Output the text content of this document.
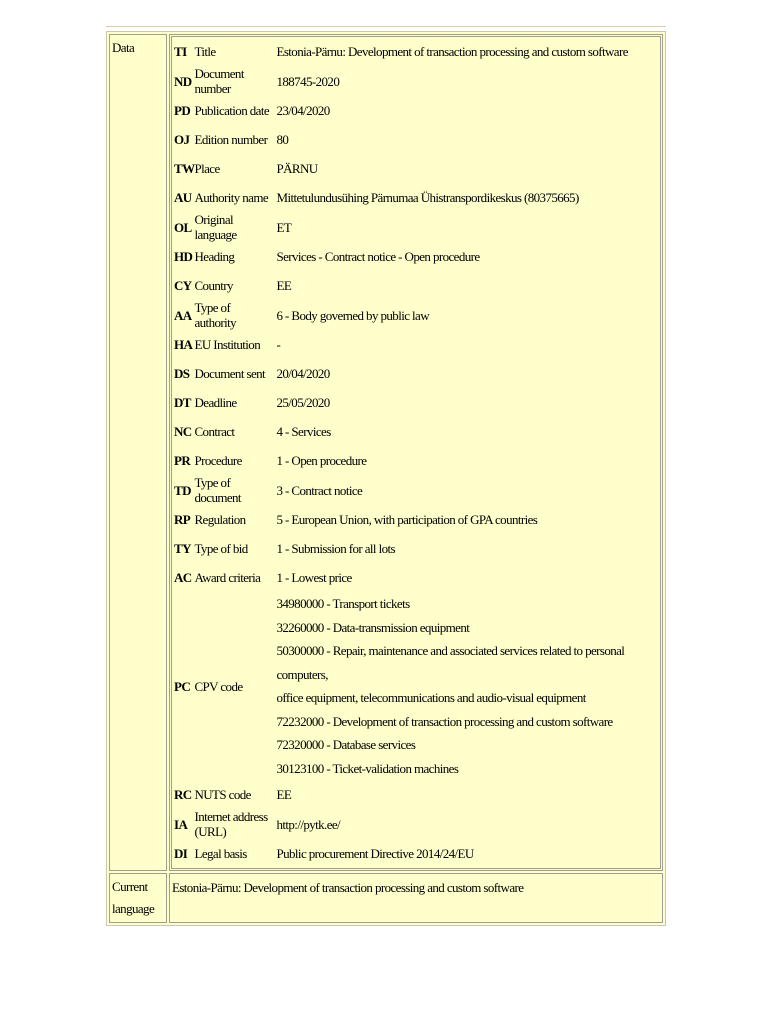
Data		TI	Title	Estonia-Pärnu: Development of transaction processing and custom software
ND	Document number	188745-2020
PD	Publication date	23/04/2020
OJ	Edition number	80
TW	Place	PÄRNU
AU	Authority name	Mittetulundusühing Pärnumaa Ühistranspordikeskus (80375665)
OL	Original language	ET
HD	Heading	Services - Contract notice - Open procedure
CY	Country	EE
AA	Type of authority	6 - Body governed by public law
HA	EU Institution	-
DS	Document sent	20/04/2020
DT	Deadline	25/05/2020
NC	Contract	4 - Services
PR	Procedure	1 - Open procedure
TD	Type of document	3 - Contract notice
RP	Regulation	5 - European Union, with participation of GPA countries
TY	Type of bid	1 - Submission for all lots
AC	Award criteria	1 - Lowest price
PC	CPV code	
34980000 - Transport tickets
32260000 - Data-transmission equipment
50300000 - Repair, maintenance and associated services related to personal computers,
office equipment, telecommunications and audio-visual equipment
72232000 - Development of transaction processing and custom software
72320000 - Database services
30123100 - Ticket-validation machines

RC	NUTS code	EE
IA	Internet address (URL)	http://pytk.ee/
DI	Legal basis	Public procurement Directive 2014/24/EU

Current language	Estonia-Pärnu: Development of transaction processing and custom software
